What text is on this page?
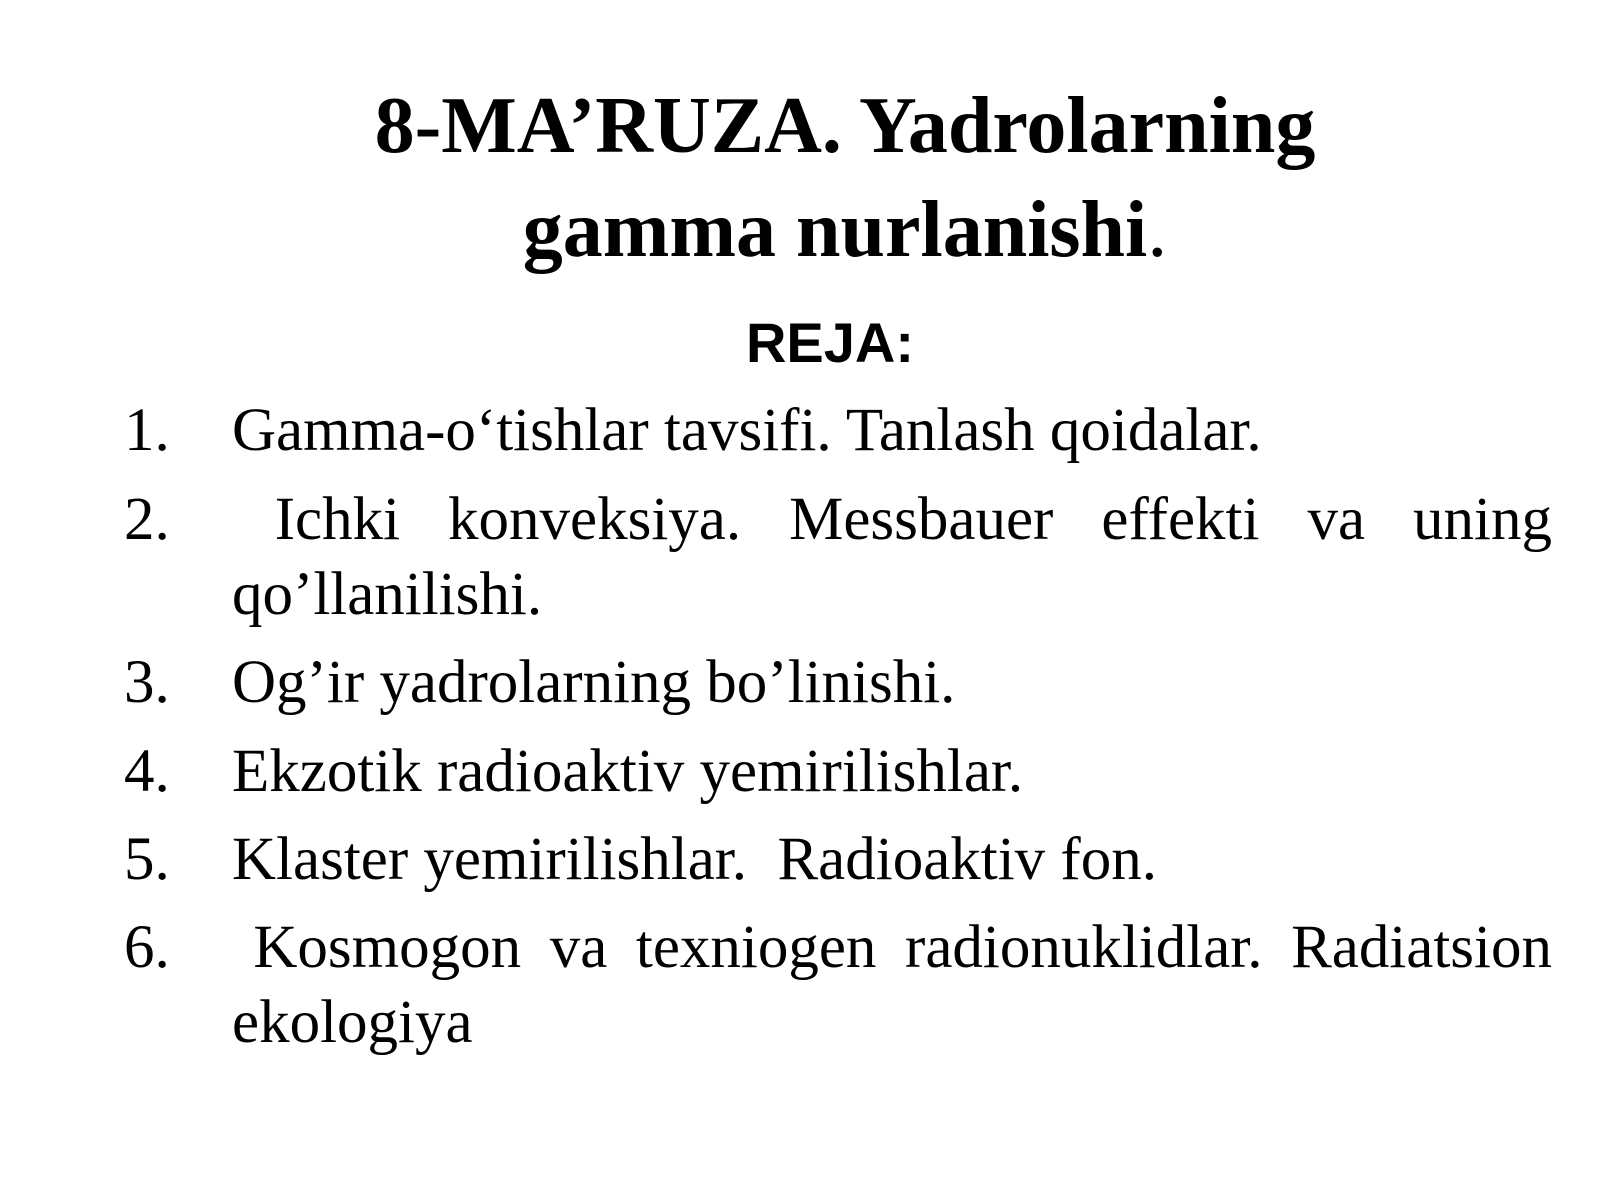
8-MA’RUZA. Yadrolarning
gamma nurlanishi.
REJA:
1.	Gamma-o‘tishlar tavsifi. Tanlash qoidalar.
2.	Ichki konveksiya. Messbauer effekti va uning
qo’llanilishi.
3.	Og’ir yadrolarning bo’linishi.
4.	Ekzotik radioaktiv yemirilishlar.
5.	Klaster yemirilishlar.  Radioaktiv fon.
6.	Kosmogon va texniogen radionuklidlar. Radiatsion
ekologiya
